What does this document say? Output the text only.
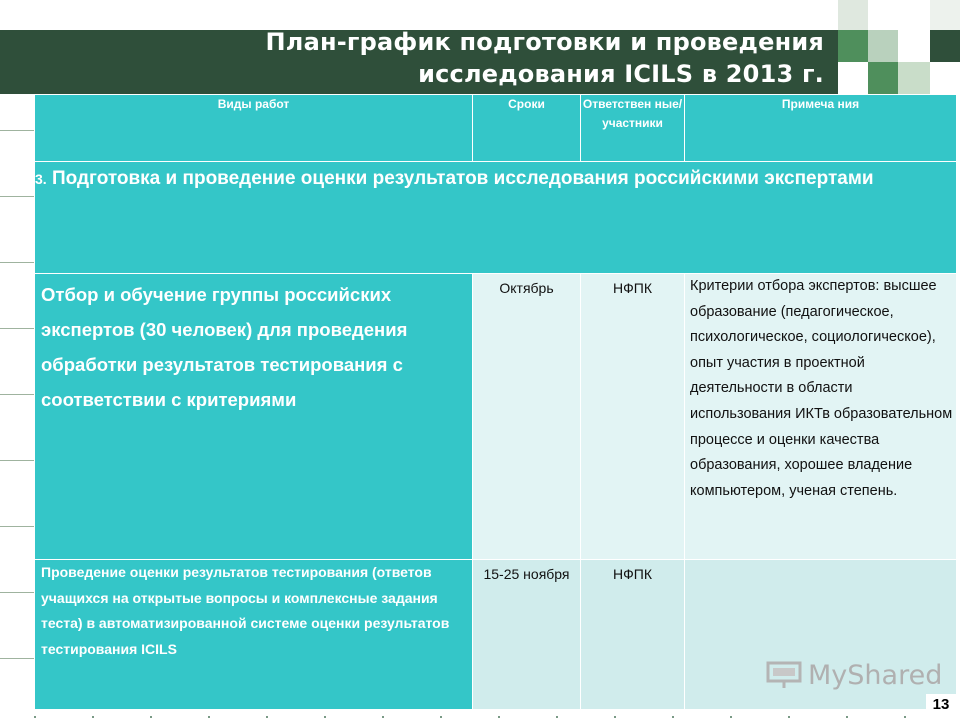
План-график подготовки и проведения
исследования ICILS в 2013 г.
Виды работ	Сроки	Ответствен ные/ участники	Примеча ния
3. Подготовка и проведение оценки результатов исследования российскими экспертами			
Отбор и обучение группы российских экспертов (30 человек) для проведения обработки результатов тестирования с соответствии с критериями	Октябрь	НФПК	Критерии отбора экспертов: высшее образование (педагогическое, психологическое, социологическое), опыт участия в проектной деятельности в области использования ИКТв образовательном процессе и оценки качества образования, хорошее владение компьютером, ученая степень.
Проведение оценки результатов тестирования (ответов учащихся на открытые вопросы и комплексные задания теста) в автоматизированной системе оценки результатов тестирования ICILS	15-25 ноября	НФПК	
MyShared
13
